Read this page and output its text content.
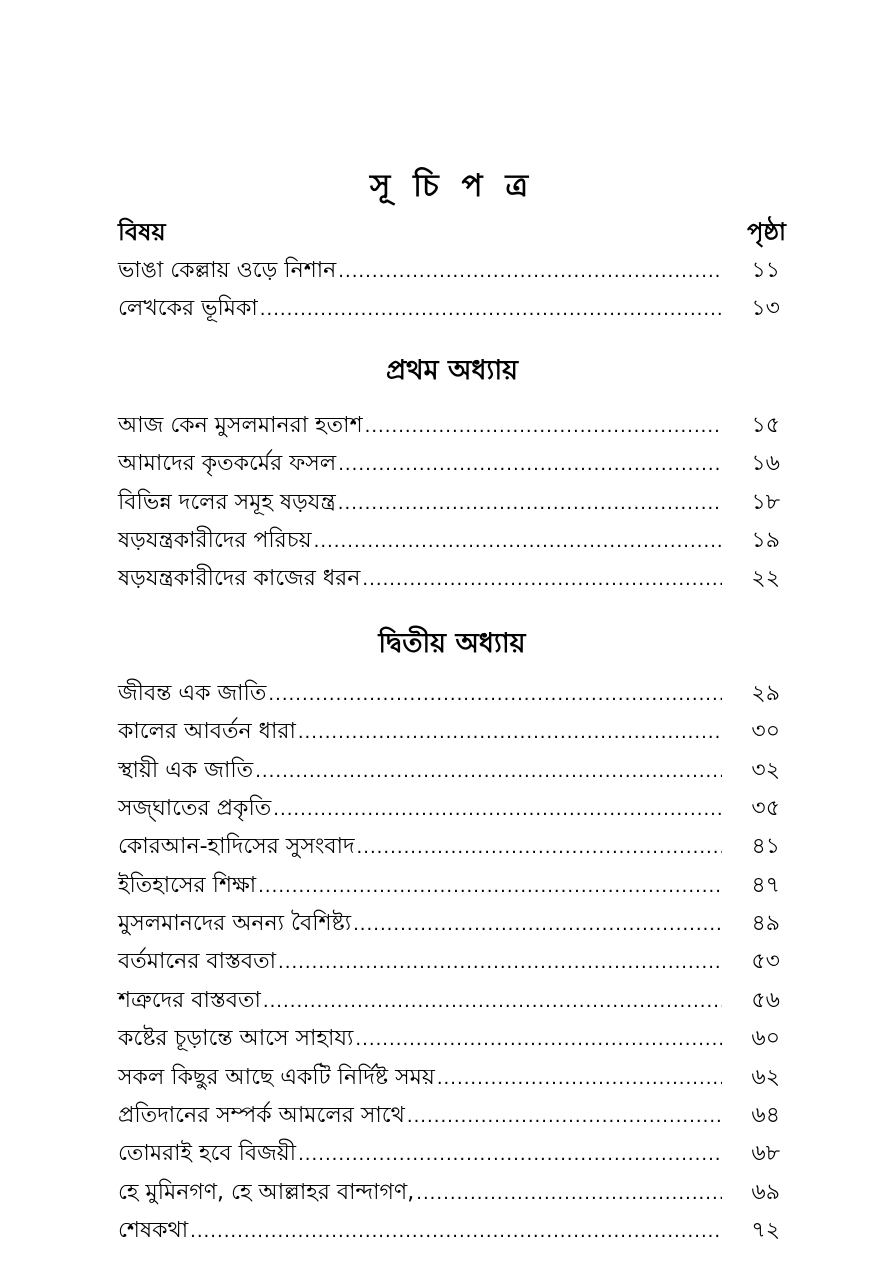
সূ চি প ত্র
বিষয়	পৃষ্ঠা
ভাঙা কেল্লায় ওড়ে নিশান .....	১১
লেখকের ভূমিকা .....	১৩
প্রথম অধ্যায়
আজ কেন মুসলমানরা হতাশ .....	১৫
আমাদের কৃতকর্মের ফসল .....	১৬
বিভিন্ন দলের সমূহ ষড়যন্ত্র .....	১৮
ষড়যন্ত্রকারীদের পরিচয় .....	১৯
ষড়যন্ত্রকারীদের কাজের ধরন .....	২২
দ্বিতীয় অধ্যায়
জীবন্ত এক জাতি .....	২৯
কালের আবর্তন ধারা .....	৩০
স্থায়ী এক জাতি .....	৩২
সজ্ঘাতের প্রকৃতি .....	৩৫
কোরআন-হাদিসের সুসংবাদ .....	৪১
ইতিহাসের শিক্ষা .....	৪৭
মুসলমানদের অনন্য বৈশিষ্ট্য .....	৪৯
বর্তমানের বাস্তবতা .....	৫৩
শত্রুদের বাস্তবতা .....	৫৬
কষ্টের চূড়ান্তে আসে সাহায্য .....	৬০
সকল কিছুর আছে একটি নির্দিষ্ট সময় .....	৬২
প্রতিদানের সম্পর্ক আমলের সাথে .....	৬৪
তোমরাই হবে বিজয়ী .....	৬৮
হে মুমিনগণ, হে আল্লাহর বান্দাগণ, .....	৬৯
শেষকথা .....	৭২
